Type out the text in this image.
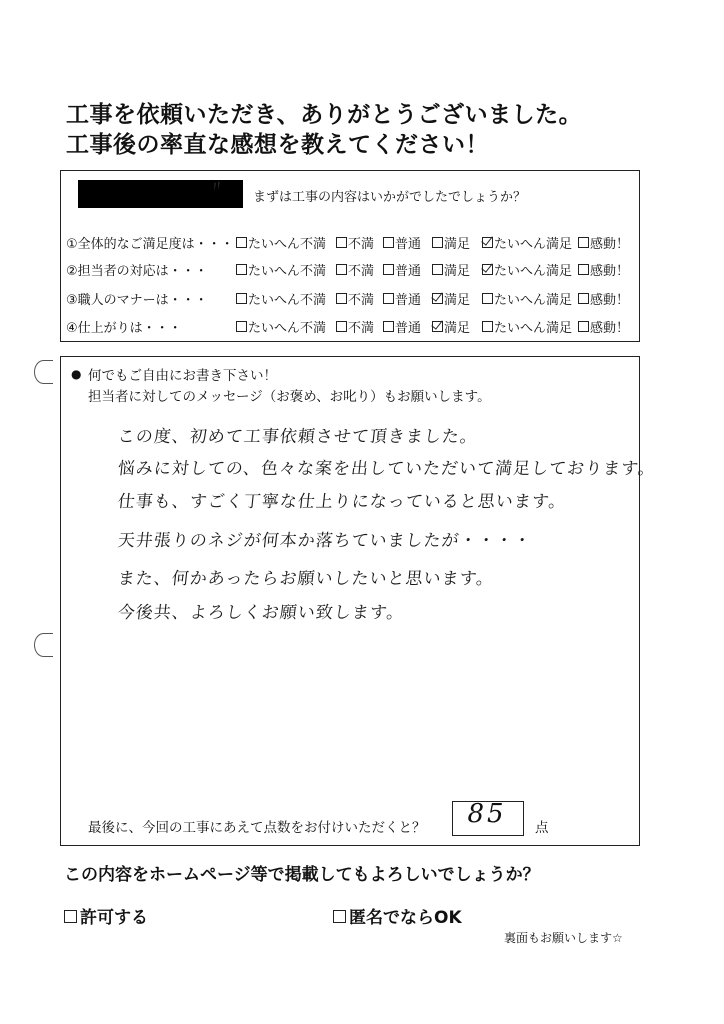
工事を依頼いただき、ありがとうございました。
工事後の率直な感想を教えてください！
〃
まずは工事の内容はいかがでしたでしょうか？
①全体的なご満足度は・・・	たいへん不満	不満	普通	満足	たいへん満足	感動！
②担当者の対応は・・・	たいへん不満	不満	普通	満足	たいへん満足	感動！
③職人のマナーは・・・	たいへん不満	不満	普通	満足	たいへん満足	感動！
④仕上がりは・・・	たいへん不満	不満	普通	満足	たいへん満足	感動！
● 何でもご自由にお書き下さい！
担当者に対してのメッセージ（お褒め、お叱り）もお願いします。
この度、初めて工事依頼させて頂きました。
悩みに対しての、色々な案を出していただいて満足しております。
仕事も、すごく丁寧な仕上りになっていると思います。
天井張りのネジが何本か落ちていましたが・・・・
また、何かあったらお願いしたいと思います。
今後共、よろしくお願い致します。
最後に、今回の工事にあえて点数をお付けいただくと？	85	点
この内容をホームページ等で掲載してもよろしいでしょうか？
許可する	匿名でならOK
裏面もお願いします☆
